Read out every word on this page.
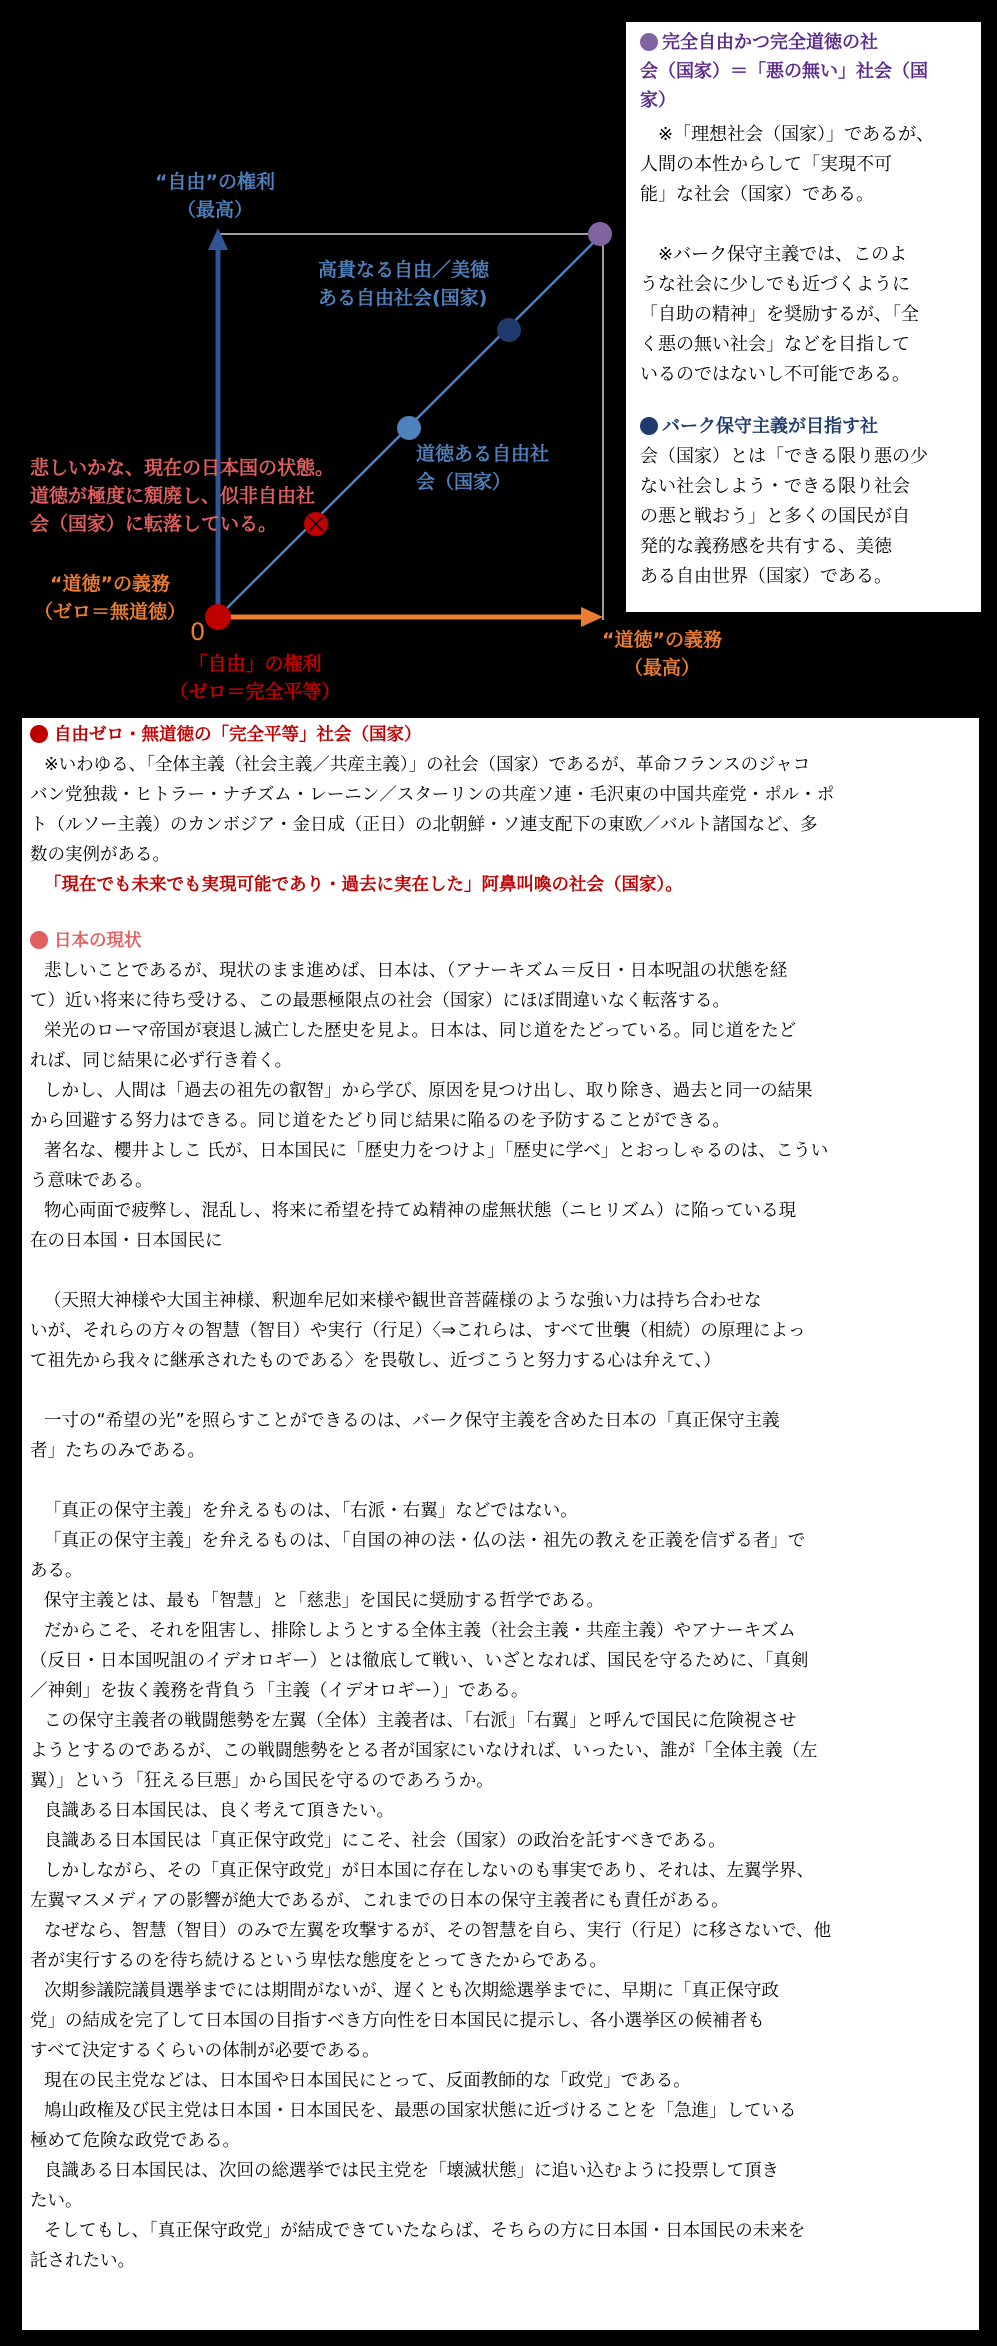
“自由”の権利
（最高）
“道徳”の義務
（最高）
0
「自由」の権利
（ゼロ＝完全平等）
“道徳”の義務
（ゼロ＝無道徳）
高貴なる自由／美徳
ある自由社会(国家)
道徳ある自由社
会（国家）
悲しいかな、現在の日本国の状態。
道徳が極度に頽廃し、似非自由社
会（国家）に転落している。
完全自由かつ完全道徳の社
会（国家）＝「悪の無い」社会（国
家）
※「理想社会（国家）」であるが、
人間の本性からして「実現不可
能」な社会（国家）である。
※バーク保守主義では、このよ
うな社会に少しでも近づくように
「自助の精神」を奨励するが、「全
く悪の無い社会」などを目指して
いるのではないし不可能である。
バーク保守主義が目指す社
会（国家）とは「できる限り悪の少
ない社会しよう・できる限り社会
の悪と戦おう」と多くの国民が自
発的な義務感を共有する、美徳
ある自由世界（国家）である。
自由ゼロ・無道徳の「完全平等」社会（国家）
※いわゆる、「全体主義（社会主義／共産主義）」の社会（国家）であるが、革命フランスのジャコ
バン党独裁・ヒトラー・ナチズム・レーニン／スターリンの共産ソ連・毛沢東の中国共産党・ポル・ポ
ト（ルソー主義）のカンボジア・金日成（正日）の北朝鮮・ソ連支配下の東欧／バルト諸国など、多
数の実例がある。
「現在でも未来でも実現可能であり・過去に実在した」阿鼻叫喚の社会（国家）。
日本の現状
悲しいことであるが、現状のまま進めば、日本は、（アナーキズム＝反日・日本呪詛の状態を経
て）近い将来に待ち受ける、この最悪極限点の社会（国家）にほぼ間違いなく転落する。
栄光のローマ帝国が衰退し滅亡した歴史を見よ。日本は、同じ道をたどっている。同じ道をたど
れば、同じ結果に必ず行き着く。
しかし、人間は「過去の祖先の叡智」から学び、原因を見つけ出し、取り除き、過去と同一の結果
から回避する努力はできる。同じ道をたどり同じ結果に陥るのを予防することができる。
著名な、櫻井よしこ 氏が、日本国民に「歴史力をつけよ」「歴史に学べ」とおっしゃるのは、こうい
う意味である。
物心両面で疲弊し、混乱し、将来に希望を持てぬ精神の虚無状態（ニヒリズム）に陥っている現
在の日本国・日本国民に
（天照大神様や大国主神様、釈迦牟尼如来様や観世音菩薩様のような強い力は持ち合わせな
いが、それらの方々の智慧（智目）や実行（行足）〈⇒これらは、すべて世襲（相続）の原理によっ
て祖先から我々に継承されたものである〉を畏敬し、近づこうと努力する心は弁えて、）
一寸の“希望の光”を照らすことができるのは、バーク保守主義を含めた日本の「真正保守主義
者」たちのみである。
「真正の保守主義」を弁えるものは、「右派・右翼」などではない。
「真正の保守主義」を弁えるものは、「自国の神の法・仏の法・祖先の教えを正義を信ずる者」で
ある。
保守主義とは、最も「智慧」と「慈悲」を国民に奨励する哲学である。
だからこそ、それを阻害し、排除しようとする全体主義（社会主義・共産主義）やアナーキズム
（反日・日本国呪詛のイデオロギー）とは徹底して戦い、いざとなれば、国民を守るために、「真剣
／神剣」を抜く義務を背負う「主義（イデオロギー）」である。
この保守主義者の戦闘態勢を左翼（全体）主義者は、「右派」「右翼」と呼んで国民に危険視させ
ようとするのであるが、この戦闘態勢をとる者が国家にいなければ、いったい、誰が「全体主義（左
翼）」という「狂える巨悪」から国民を守るのであろうか。
良識ある日本国民は、良く考えて頂きたい。
良識ある日本国民は「真正保守政党」にこそ、社会（国家）の政治を託すべきである。
しかしながら、その「真正保守政党」が日本国に存在しないのも事実であり、それは、左翼学界、
左翼マスメディアの影響が絶大であるが、これまでの日本の保守主義者にも責任がある。
なぜなら、智慧（智目）のみで左翼を攻撃するが、その智慧を自ら、実行（行足）に移さないで、他
者が実行するのを待ち続けるという卑怯な態度をとってきたからである。
次期参議院議員選挙までには期間がないが、遅くとも次期総選挙までに、早期に「真正保守政
党」の結成を完了して日本国の目指すべき方向性を日本国民に提示し、各小選挙区の候補者も
すべて決定するくらいの体制が必要である。
現在の民主党などは、日本国や日本国民にとって、反面教師的な「政党」である。
鳩山政権及び民主党は日本国・日本国民を、最悪の国家状態に近づけることを「急進」している
極めて危険な政党である。
良識ある日本国民は、次回の総選挙では民主党を「壊滅状態」に追い込むように投票して頂き
たい。
そしてもし、「真正保守政党」が結成できていたならば、そちらの方に日本国・日本国民の未来を
託されたい。
